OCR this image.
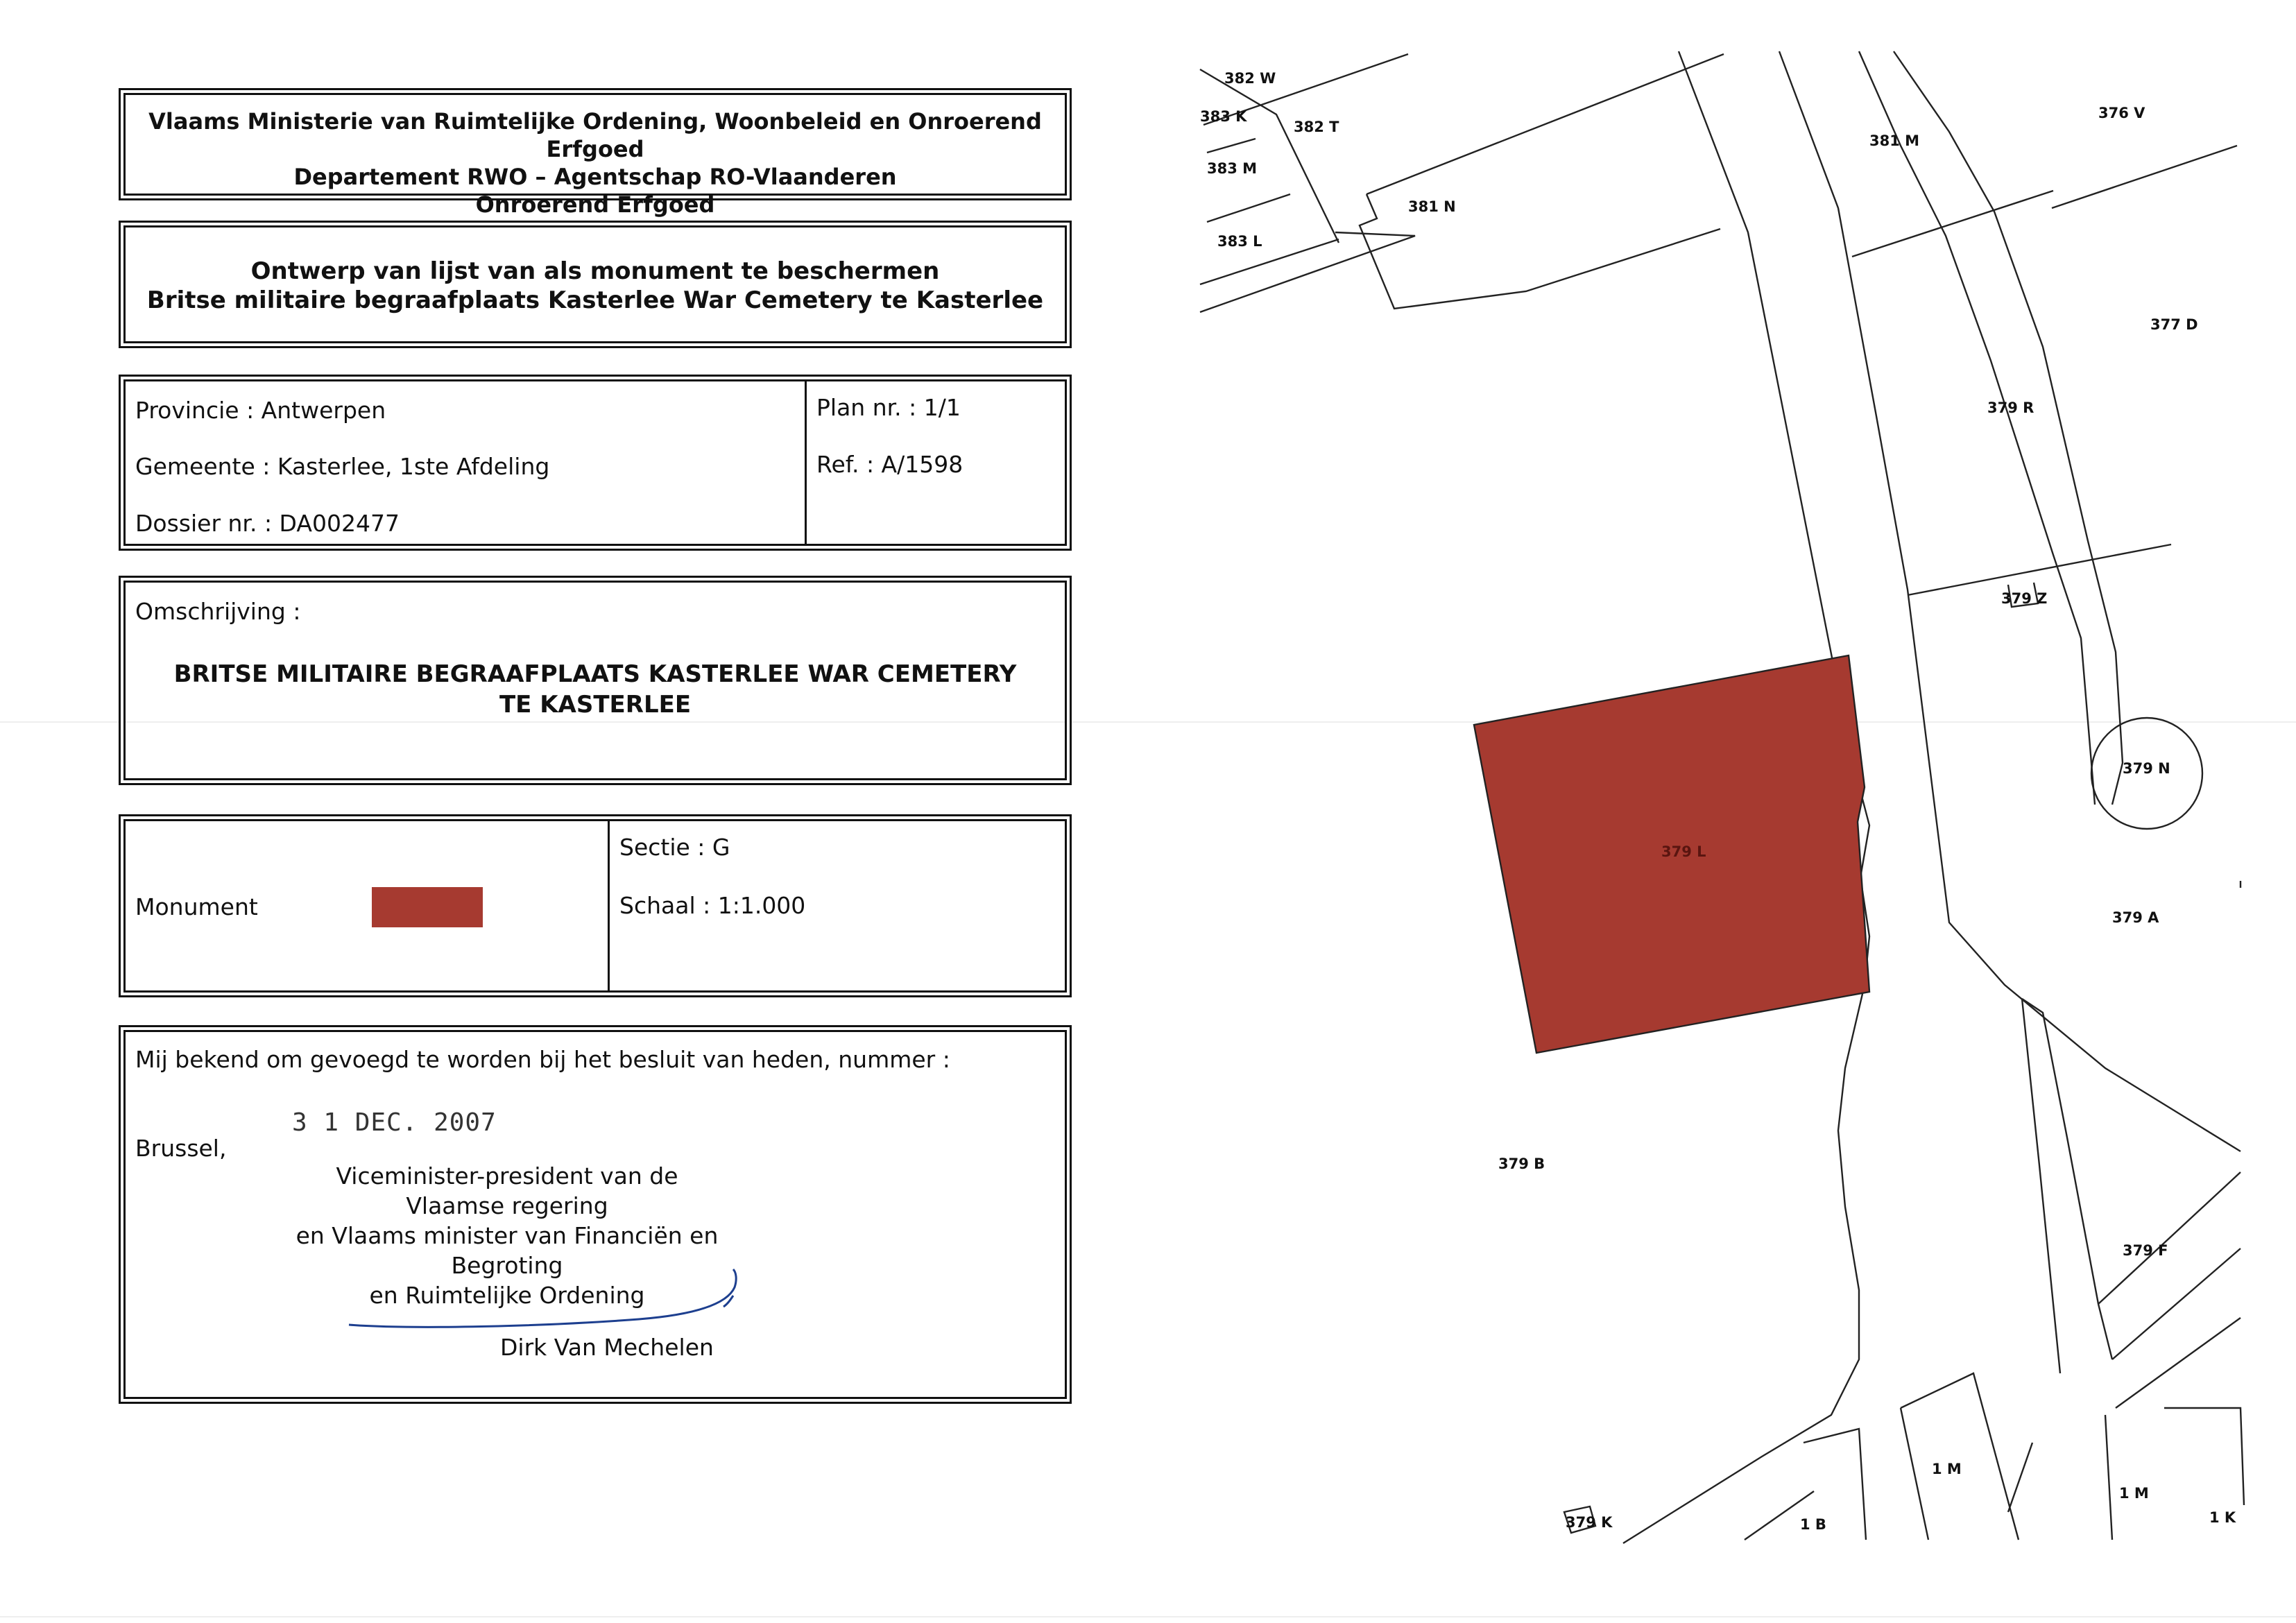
Vlaams Ministerie van Ruimtelijke Ordening, Woonbeleid en Onroerend Erfgoed
Departement RWO – Agentschap RO-Vlaanderen
Onroerend Erfgoed
Ontwerp van lijst van als monument te beschermen
Britse militaire begraafplaats Kasterlee War Cemetery te Kasterlee
Provincie : Antwerpen
Gemeente : Kasterlee, 1ste Afdeling
Dossier nr. : DA002477
Plan nr. : 1/1
Ref. : A/1598
Omschrijving :
BRITSE MILITAIRE BEGRAAFPLAATS KASTERLEE WAR CEMETERY
TE KASTERLEE
Monument
Sectie : G
Schaal : 1:1.000
Mij bekend om gevoegd te worden bij het besluit van heden, nummer :
3 1 DEC. 2007
Brussel,
Viceminister-president van de Vlaamse regering
en Vlaams minister van Financiën en Begroting
en Ruimtelijke Ordening
Dirk Van Mechelen
382 W
383 K
382 T
383 M
383 L
381 N
381 M
376 V
377 D
379 R
379 Z
379 N
379 L
379 A
379 B
379 F
1 M
1 M
1 K
1 B
379 K
